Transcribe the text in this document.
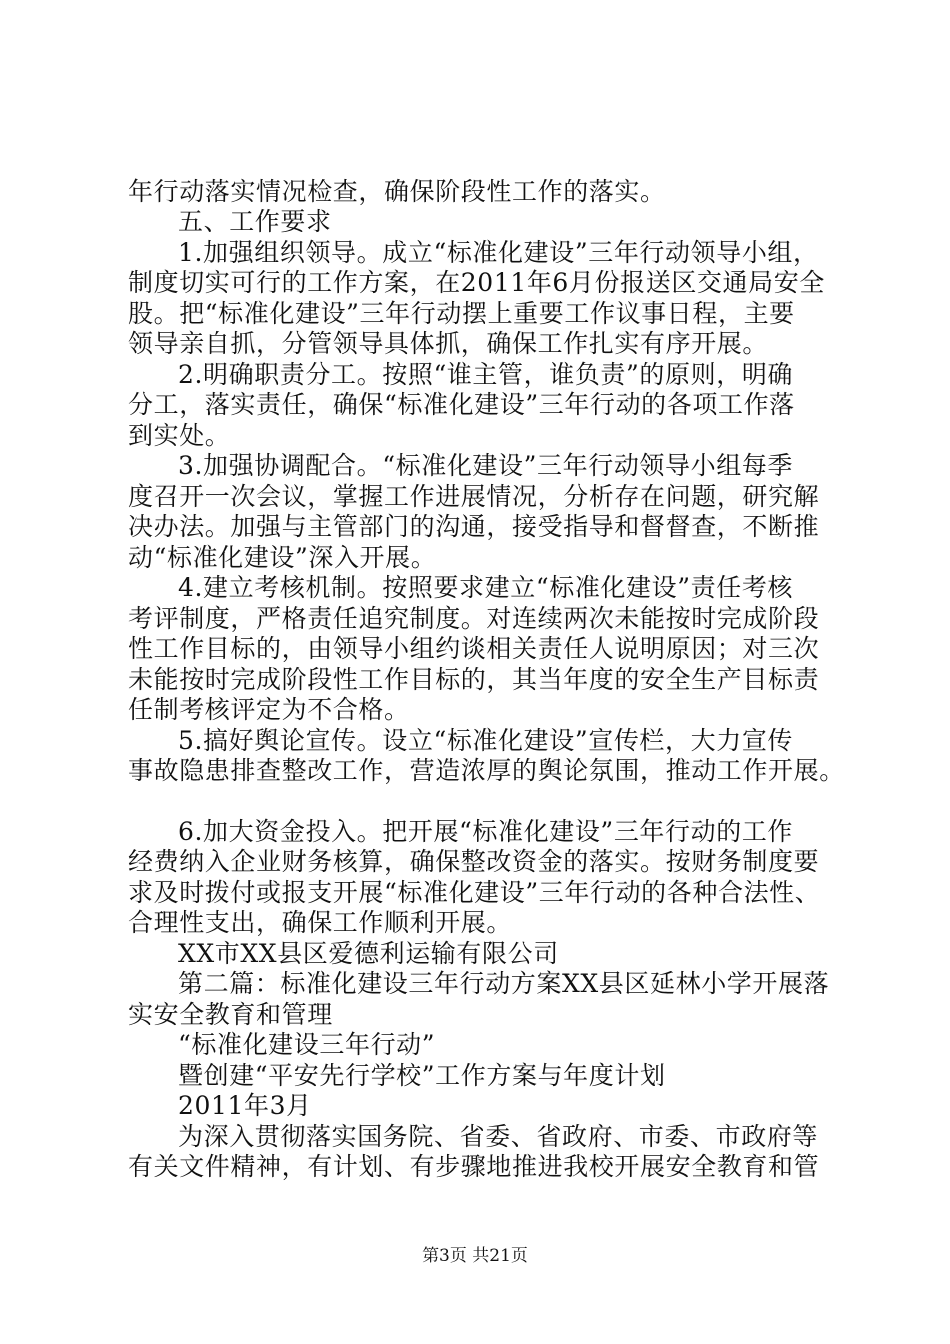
年行动落实情况检查，确保阶段性工作的落实。
五、工作要求
1.加强组织领导。成立“标准化建设”三年行动领导小组，
制度切实可行的工作方案，在2011年6月份报送区交通局安全
股。把“标准化建设”三年行动摆上重要工作议事日程，主要
领导亲自抓，分管领导具体抓，确保工作扎实有序开展。
2.明确职责分工。按照“谁主管，谁负责”的原则，明确
分工，落实责任，确保“标准化建设”三年行动的各项工作落
到实处。
3.加强协调配合。“标准化建设”三年行动领导小组每季
度召开一次会议，掌握工作进展情况，分析存在问题，研究解
决办法。加强与主管部门的沟通，接受指导和督督查，不断推
动“标准化建设”深入开展。
4.建立考核机制。按照要求建立“标准化建设”责任考核
考评制度，严格责任追究制度。对连续两次未能按时完成阶段
性工作目标的，由领导小组约谈相关责任人说明原因；对三次
未能按时完成阶段性工作目标的，其当年度的安全生产目标责
任制考核评定为不合格。
5.搞好舆论宣传。设立“标准化建设”宣传栏，大力宣传
事故隐患排查整改工作，营造浓厚的舆论氛围，推动工作开展。
6.加大资金投入。把开展“标准化建设”三年行动的工作
经费纳入企业财务核算，确保整改资金的落实。按财务制度要
求及时拨付或报支开展“标准化建设”三年行动的各种合法性、
合理性支出，确保工作顺利开展。
XX市XX县区爱德利运输有限公司
第二篇：标准化建设三年行动方案XX县区延林小学开展落
实安全教育和管理
“标准化建设三年行动”
暨创建“平安先行学校”工作方案与年度计划
2011年3月
为深入贯彻落实国务院、省委、省政府、市委、市政府等
有关文件精神，有计划、有步骤地推进我校开展安全教育和管
第3页 共21页
